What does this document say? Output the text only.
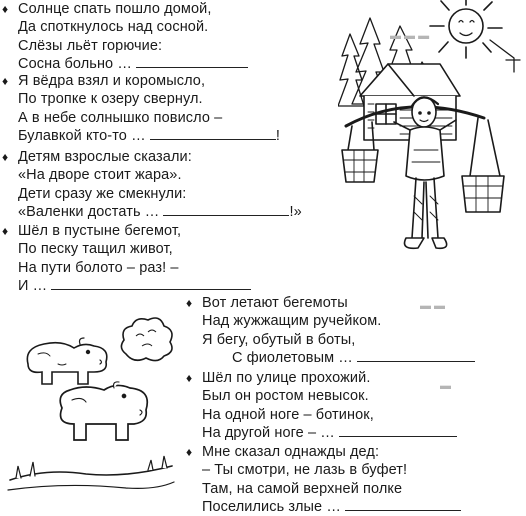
♦ Солнце спать пошло домой,
Да споткнулось над сосной.
Слёзы льёт горючие:
Сосна больно …
♦ Я вёдра взял и коромысло,
По тропке к озеру свернул.
А в небе солнышко повисло –
Булавкой кто-то …	!
♦ Детям взрослые сказали:
«На дворе стоит жара».
Дети сразу же смекнули:
«Валенки достать …	!»
♦ Шёл в пустыне бегемот,
По песку тащил живот,
На пути болото – раз! –
И …
♦ Вот летают бегемоты
Над жужжащим ручейком.
Я бегу, обутый в боты,
С фиолетовым …
♦ Шёл по улице прохожий.
Был он ростом невысок.
На одной ноге – ботинок,
На другой ноге – …
♦ Мне сказал однажды дед:
– Ты смотри, не лазь в буфет!
Там, на самой верхней полке
Поселились злые …
▬ ▬ ▬
▬ ▬
▬
